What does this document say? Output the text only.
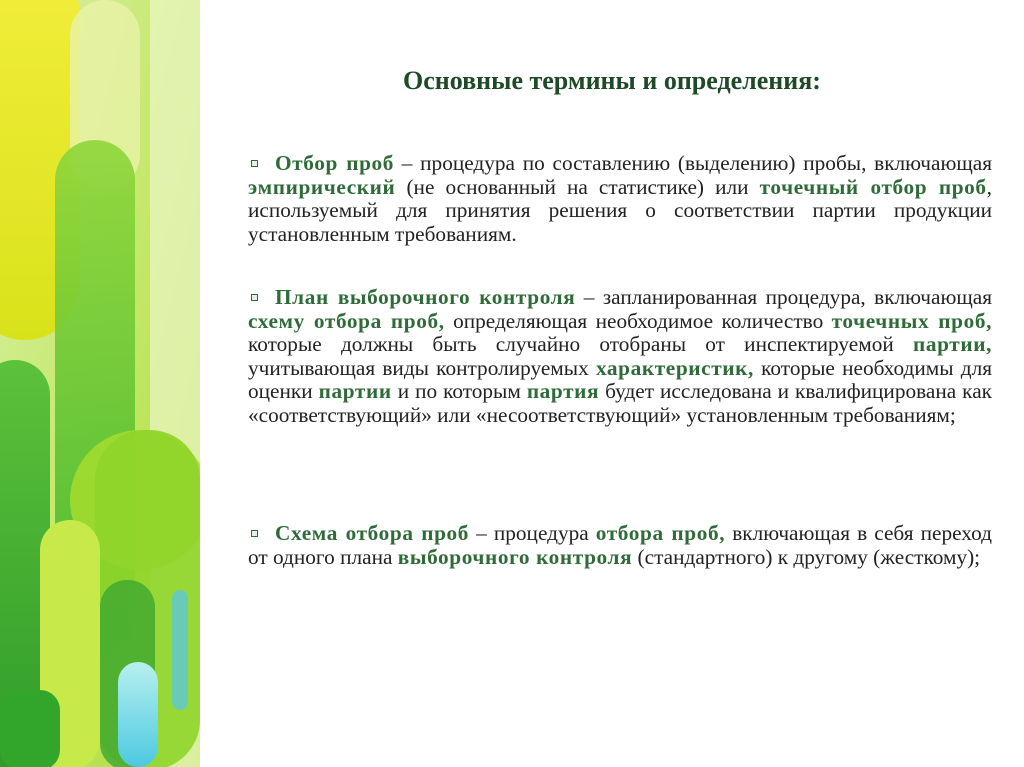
Основные термины и определения:
Отбор проб – процедура по составлению (выделению) пробы, включающая эмпирический (не основанный на статистике) или точечный отбор проб, используемый для принятия решения о соответствии партии продукции установленным требованиям.
План выборочного контроля – запланированная процедура, включающая схему отбора проб, определяющая необходимое количество точечных проб, которые должны быть случайно отобраны от инспектируемой партии, учитывающая виды контролируемых характеристик, которые необходимы для оценки партии и по которым партия будет исследована и квалифицирована как «соответствующий» или «несоответствующий» установленным требованиям;
Схема отбора проб – процедура отбора проб, включающая в себя переход от одного плана выборочного контроля (стандартного) к другому (жесткому);
